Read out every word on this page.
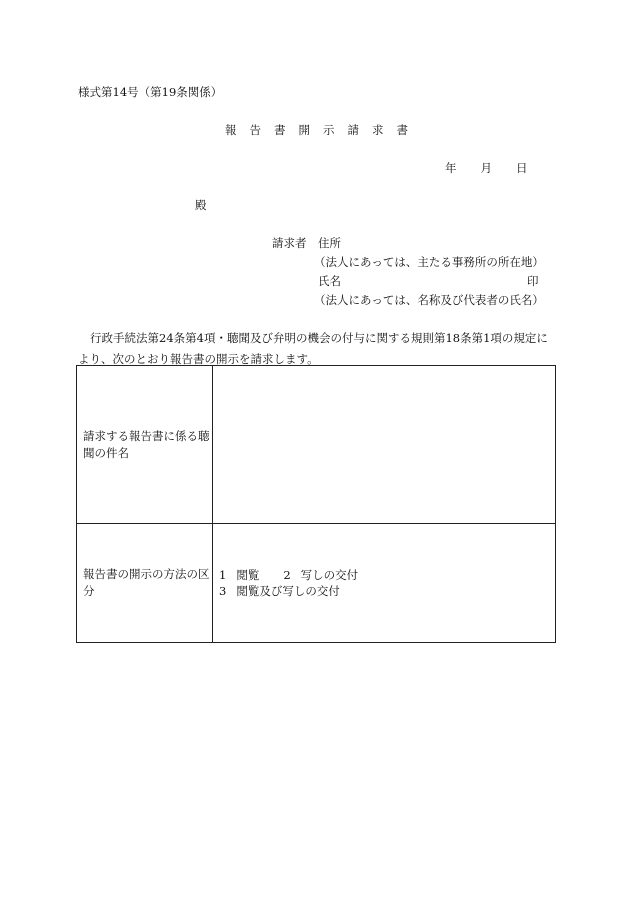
様式第14号（第19条関係）
報 告 書 開 示 請 求 書
年 月 日
殿
請求者 住所
（法人にあっては、主たる事務所の所在地）
氏名	印
（法人にあっては、名称及び代表者の氏名）
行政手続法第24条第4項・聴聞及び弁明の機会の付与に関する規則第18条第1項の規定により、次のとおり報告書の開示を請求します。
請求する報告書に係る聴聞の件名
報告書の開示の方法の区分
1 閲覧 2 写しの交付
3 閲覧及び写しの交付
